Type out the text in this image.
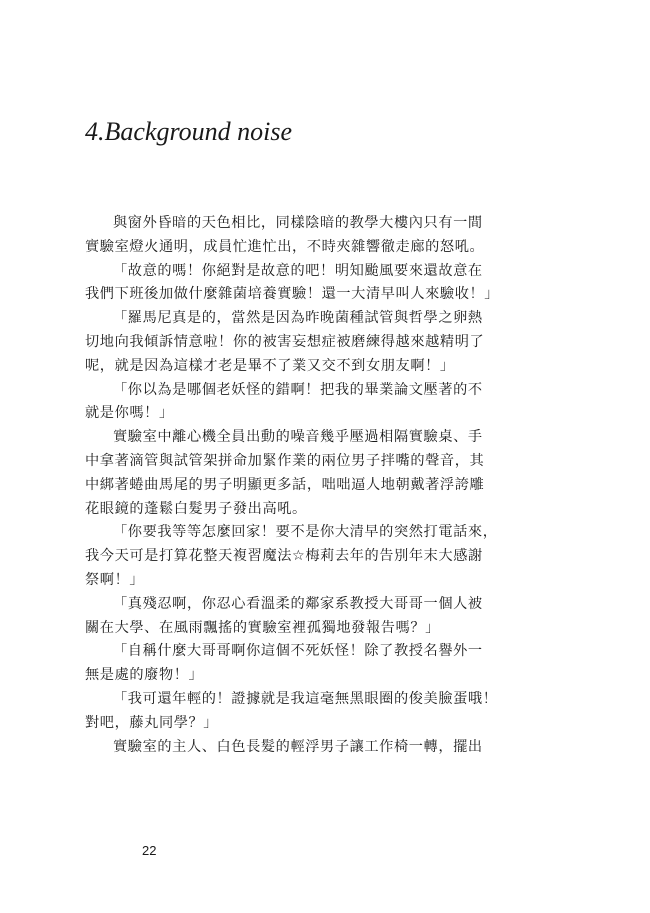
4.Background noise
與窗外昏暗的天色相比，同樣陰暗的教學大樓內只有一間
實驗室燈火通明，成員忙進忙出，不時夾雜響徹走廊的怒吼。
「故意的嗎！你絕對是故意的吧！明知颱風要來還故意在
我們下班後加做什麼雜菌培養實驗！還一大清早叫人來驗收！」
「羅馬尼真是的，當然是因為昨晚菌種試管與哲學之卵熱
切地向我傾訴情意啦！你的被害妄想症被磨練得越來越精明了
呢，就是因為這樣才老是畢不了業又交不到女朋友啊！」
「你以為是哪個老妖怪的錯啊！把我的畢業論文壓著的不
就是你嗎！」
實驗室中離心機全員出動的噪音幾乎壓過相隔實驗桌、手
中拿著滴管與試管架拼命加緊作業的兩位男子拌嘴的聲音，其
中綁著蜷曲馬尾的男子明顯更多話，咄咄逼人地朝戴著浮誇雕
花眼鏡的蓬鬆白髮男子發出高吼。
「你要我等等怎麼回家！要不是你大清早的突然打電話來，
我今天可是打算花整天複習魔法☆梅莉去年的告別年末大感謝
祭啊！」
「真殘忍啊，你忍心看溫柔的鄰家系教授大哥哥一個人被
關在大學、在風雨飄搖的實驗室裡孤獨地發報告嗎？」
「自稱什麼大哥哥啊你這個不死妖怪！除了教授名譽外一
無是處的廢物！」
「我可還年輕的！證據就是我這毫無黑眼圈的俊美臉蛋哦！
對吧，藤丸同學？」
實驗室的主人、白色長髮的輕浮男子讓工作椅一轉，擺出
22
